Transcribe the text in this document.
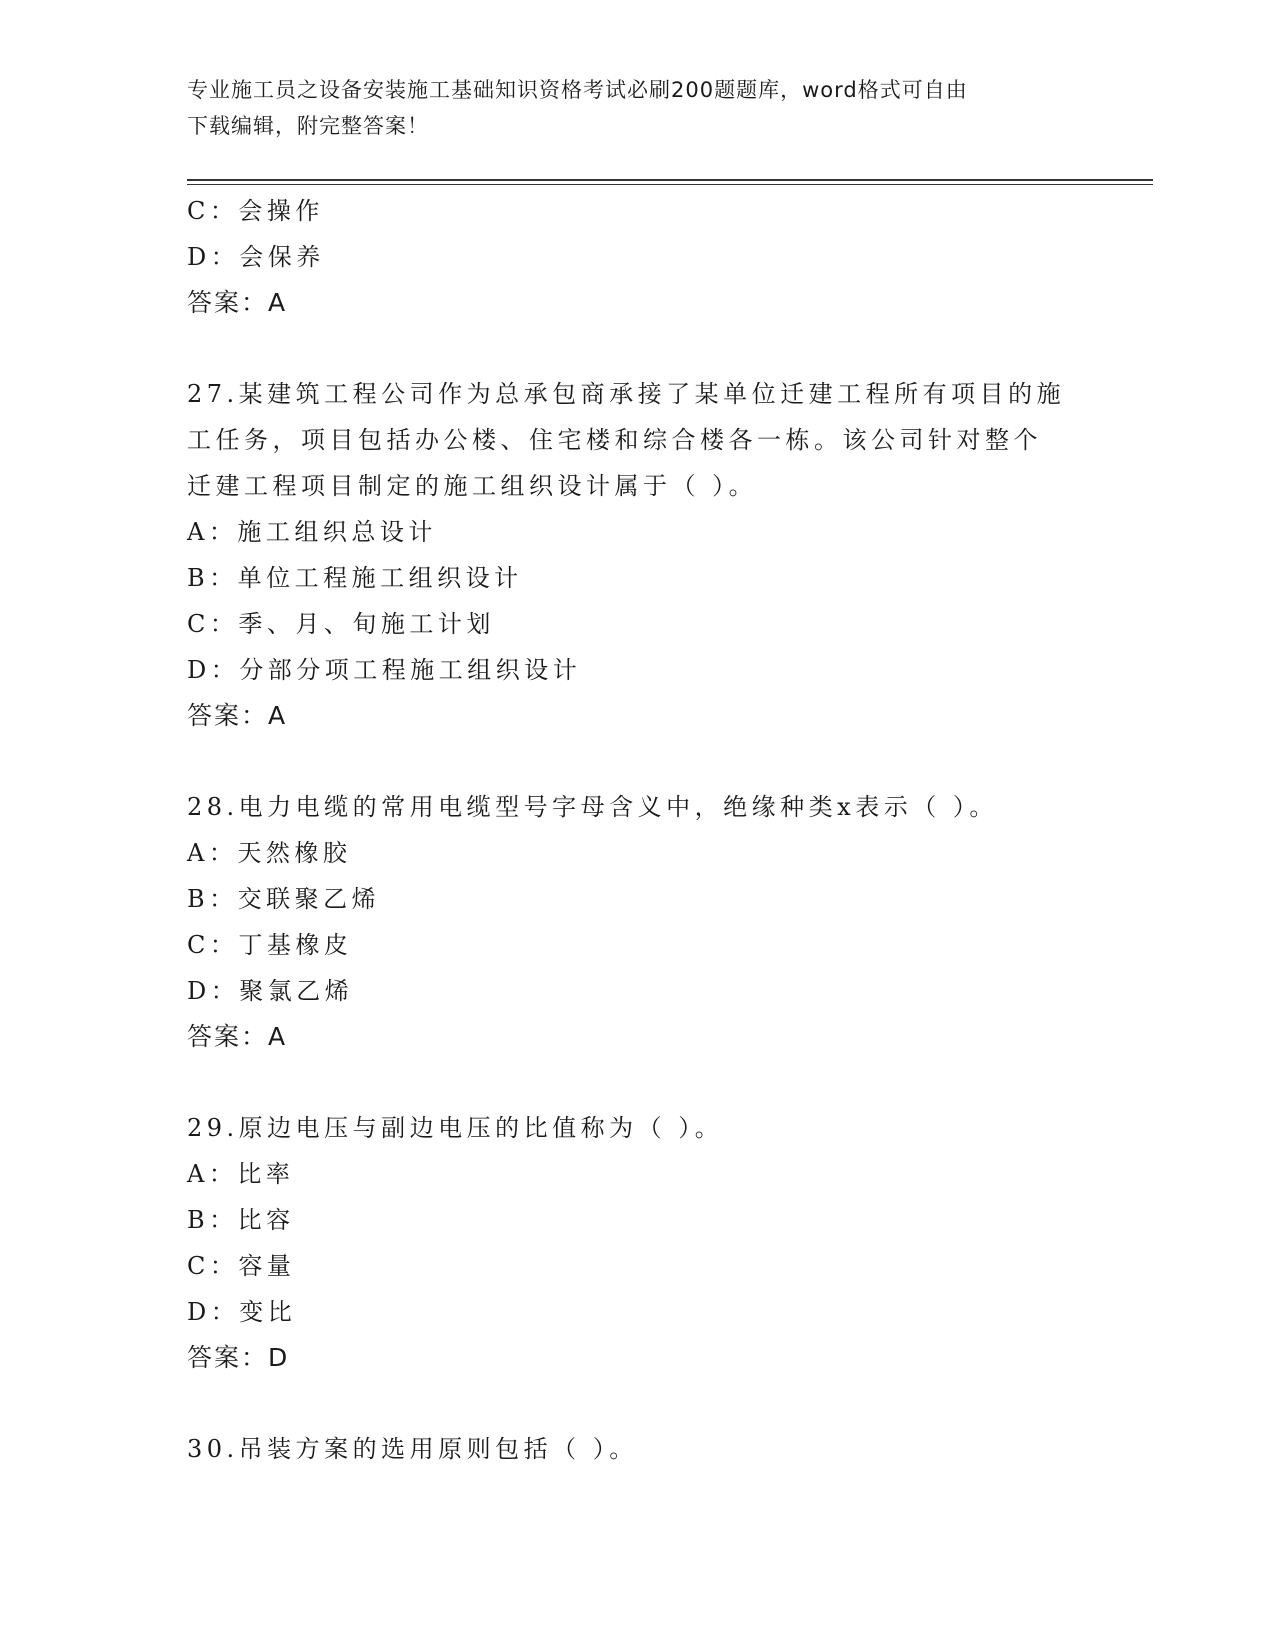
专业施工员之设备安装施工基础知识资格考试必刷200题题库，word格式可自由
下载编辑，附完整答案！
C：会操作
D：会保养
答案：A
27.某建筑工程公司作为总承包商承接了某单位迁建工程所有项目的施
工任务，项目包括办公楼、住宅楼和综合楼各一栋。该公司针对整个
迁建工程项目制定的施工组织设计属于（ ）。
A：施工组织总设计
B：单位工程施工组织设计
C：季、月、旬施工计划
D：分部分项工程施工组织设计
答案：A
28.电力电缆的常用电缆型号字母含义中，绝缘种类x表示（ ）。
A：天然橡胶
B：交联聚乙烯
C：丁基橡皮
D：聚氯乙烯
答案：A
29.原边电压与副边电压的比值称为（ ）。
A：比率
B：比容
C：容量
D：变比
答案：D
30.吊装方案的选用原则包括（ ）。
